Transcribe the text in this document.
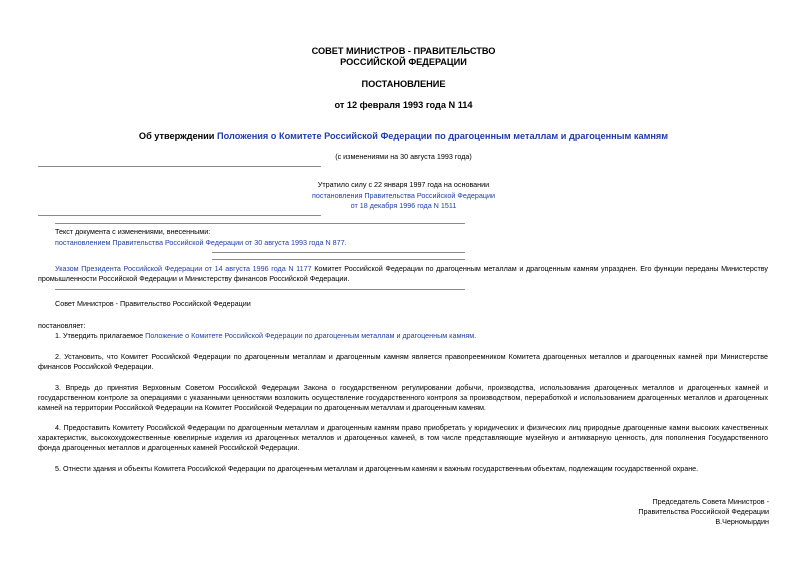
СОВЕТ МИНИСТРОВ - ПРАВИТЕЛЬСТВО
РОССИЙСКОЙ ФЕДЕРАЦИИ
ПОСТАНОВЛЕНИЕ
от 12 февраля 1993 года N 114
Об утверждении Положения о Комитете Российской Федерации по драгоценным металлам и драгоценным камням
(с изменениями на 30 августа 1993 года)
Утратило силу с 22 января 1997 года на основании
постановления Правительства Российской Федерации
от 18 декабря 1996 года N 1511
Текст документа с изменениями, внесенными:
постановлением Правительства Российской Федерации от 30 августа 1993 года N 877.
Указом Президента Российской Федерации от 14 августа 1996 года N 1177 Комитет Российской Федерации по драгоценным металлам и драгоценным камням упразднен. Его функции переданы Министерству промышленности Российской Федерации и Министерству финансов Российской Федерации.
Совет Министров - Правительство Российской Федерации
постановляет:
1. Утвердить прилагаемое Положение о Комитете Российской Федерации по драгоценным металлам и драгоценным камням.
2. Установить, что Комитет Российской Федерации по драгоценным металлам и драгоценным камням является правопреемником Комитета драгоценных металлов и драгоценных камней при Министерстве финансов Российской Федерации.
3. Впредь до принятия Верховным Советом Российской Федерации Закона о государственном регулировании добычи, производства, использования драгоценных металлов и драгоценных камней и государственном контроле за операциями с указанными ценностями возложить осуществление государственного контроля за производством, переработкой и использованием драгоценных металлов и драгоценных камней на территории Российской Федерации на Комитет Российской Федерации по драгоценным металлам и драгоценным камням.
4. Предоставить Комитету Российской Федерации по драгоценным металлам и драгоценным камням право приобретать у юридических и физических лиц природные драгоценные камни высоких качественных характеристик, высокохудожественные ювелирные изделия из драгоценных металлов и драгоценных камней, в том числе представляющие музейную и антикварную ценность, для пополнения Государственного фонда драгоценных металлов и драгоценных камней Российской Федерации.
5. Отнести здания и объекты Комитета Российской Федерации по драгоценным металлам и драгоценным камням к важным государственным объектам, подлежащим государственной охране.
Председатель Совета Министров -
Правительства Российской Федерации
В.Черномырдин
